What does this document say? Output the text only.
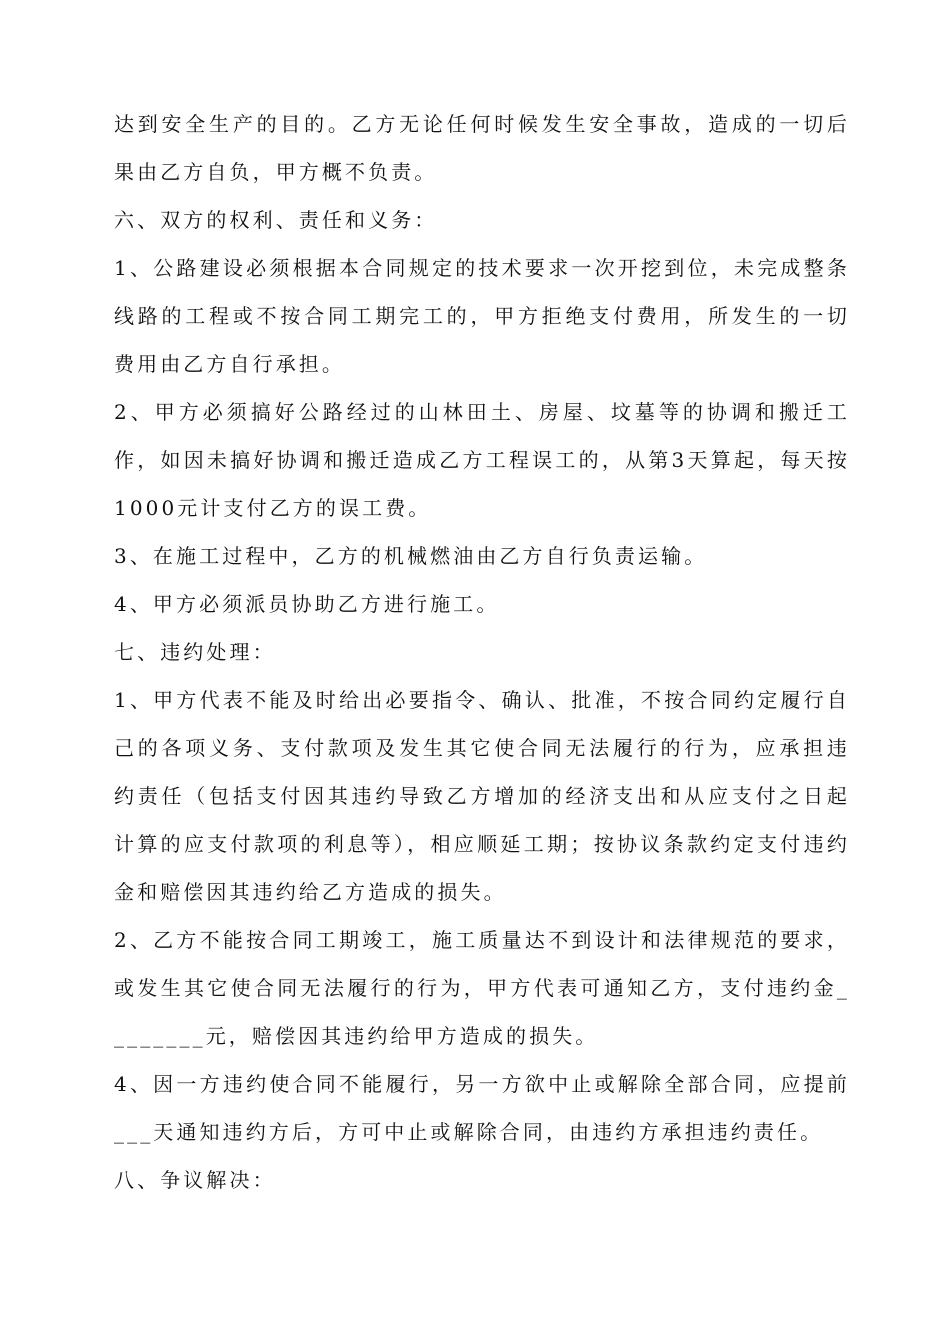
达到安全生产的目的。乙方无论任何时候发生安全事故，造成的一切后果由乙方自负，甲方概不负责。

六、双方的权利、责任和义务：

1、公路建设必须根据本合同规定的技术要求一次开挖到位，未完成整条线路的工程或不按合同工期完工的，甲方拒绝支付费用，所发生的一切费用由乙方自行承担。

2、甲方必须搞好公路经过的山林田土、房屋、坟墓等的协调和搬迁工作，如因未搞好协调和搬迁造成乙方工程误工的，从第3天算起，每天按1000元计支付乙方的误工费。

3、在施工过程中，乙方的机械燃油由乙方自行负责运输。

4、甲方必须派员协助乙方进行施工。

七、违约处理：

1、甲方代表不能及时给出必要指令、确认、批准，不按合同约定履行自己的各项义务、支付款项及发生其它使合同无法履行的行为，应承担违约责任（包括支付因其违约导致乙方增加的经济支出和从应支付之日起计算的应支付款项的利息等），相应顺延工期；按协议条款约定支付违约金和赔偿因其违约给乙方造成的损失。

2、乙方不能按合同工期竣工，施工质量达不到设计和法律规范的要求，或发生其它使合同无法履行的行为，甲方代表可通知乙方，支付违约金________元，赔偿因其违约给甲方造成的损失。

4、因一方违约使合同不能履行，另一方欲中止或解除全部合同，应提前___天通知违约方后，方可中止或解除合同，由违约方承担违约责任。

八、争议解决：
